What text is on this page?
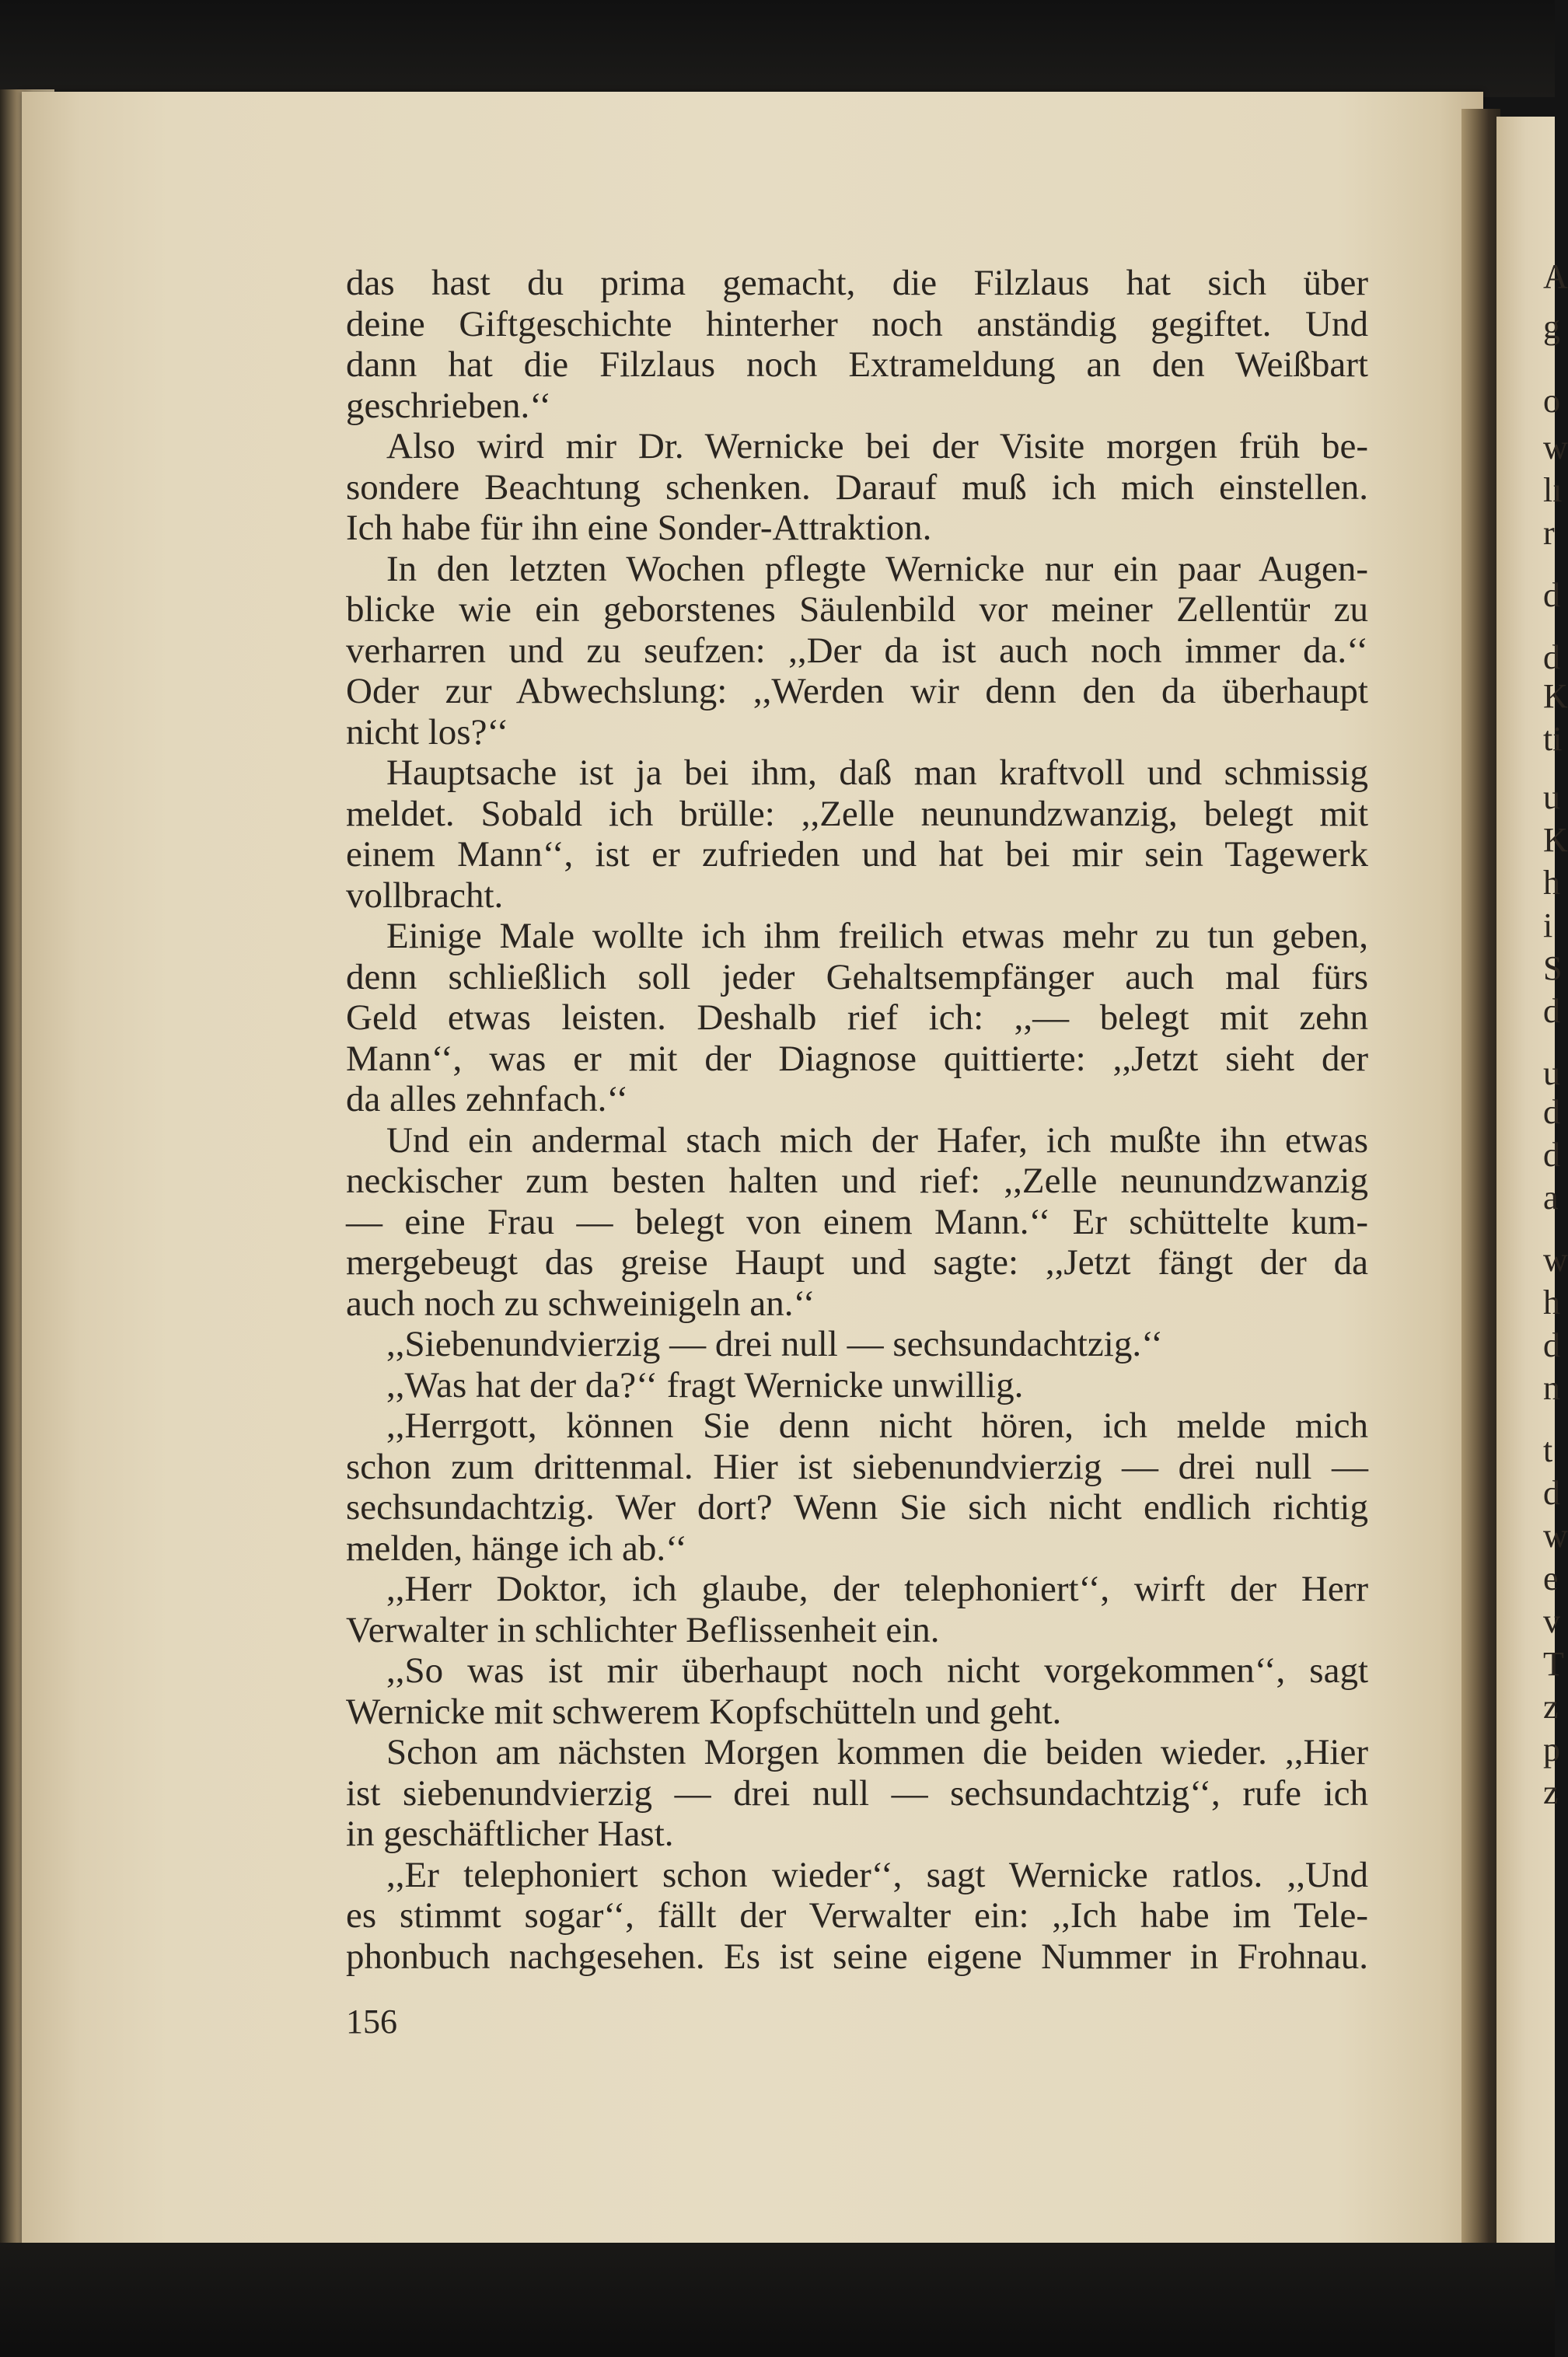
A
g
o
w
lı
r
d
d
K
ti
u
K
h
i
S
d
u
d
d
a
w
h
d
n
t
d
w
e
v
T
z
p
z
das hast du prima gemacht, die Filzlaus hat sich über
deine Giftgeschichte hinterher noch anständig gegiftet. Und
dann hat die Filzlaus noch Extrameldung an den Weißbart
geschrieben.‘‘
Also wird mir Dr. Wernicke bei der Visite morgen früh be-
sondere Beachtung schenken. Darauf muß ich mich einstellen.
Ich habe für ihn eine Sonder-Attraktion.
In den letzten Wochen pflegte Wernicke nur ein paar Augen-
blicke wie ein geborstenes Säulenbild vor meiner Zellentür zu
verharren und zu seufzen: ,,Der da ist auch noch immer da.‘‘
Oder zur Abwechslung: ,,Werden wir denn den da überhaupt
nicht los?‘‘
Hauptsache ist ja bei ihm, daß man kraftvoll und schmissig
meldet. Sobald ich brülle: ,,Zelle neunundzwanzig, belegt mit
einem Mann‘‘, ist er zufrieden und hat bei mir sein Tagewerk
vollbracht.
Einige Male wollte ich ihm freilich etwas mehr zu tun geben,
denn schließlich soll jeder Gehaltsempfänger auch mal fürs
Geld etwas leisten. Deshalb rief ich: ,,— belegt mit zehn
Mann‘‘, was er mit der Diagnose quittierte: ,,Jetzt sieht der
da alles zehnfach.‘‘
Und ein andermal stach mich der Hafer, ich mußte ihn etwas
neckischer zum besten halten und rief: ,,Zelle neunundzwanzig
— eine Frau — belegt von einem Mann.‘‘ Er schüttelte kum-
mergebeugt das greise Haupt und sagte: ,,Jetzt fängt der da
auch noch zu schweinigeln an.‘‘
,,Siebenundvierzig — drei null — sechsundachtzig.‘‘
,,Was hat der da?‘‘ fragt Wernicke unwillig.
,,Herrgott, können Sie denn nicht hören, ich melde mich
schon zum drittenmal. Hier ist siebenundvierzig — drei null —
sechsundachtzig. Wer dort? Wenn Sie sich nicht endlich richtig
melden, hänge ich ab.‘‘
,,Herr Doktor, ich glaube, der telephoniert‘‘, wirft der Herr
Verwalter in schlichter Beflissenheit ein.
,,So was ist mir überhaupt noch nicht vorgekommen‘‘, sagt
Wernicke mit schwerem Kopfschütteln und geht.
Schon am nächsten Morgen kommen die beiden wieder. ,,Hier
ist siebenundvierzig — drei null — sechsundachtzig‘‘, rufe ich
in geschäftlicher Hast.
,,Er telephoniert schon wieder‘‘, sagt Wernicke ratlos. ,,Und
es stimmt sogar‘‘, fällt der Verwalter ein: ,,Ich habe im Tele-
phonbuch nachgesehen. Es ist seine eigene Nummer in Frohnau.
156
